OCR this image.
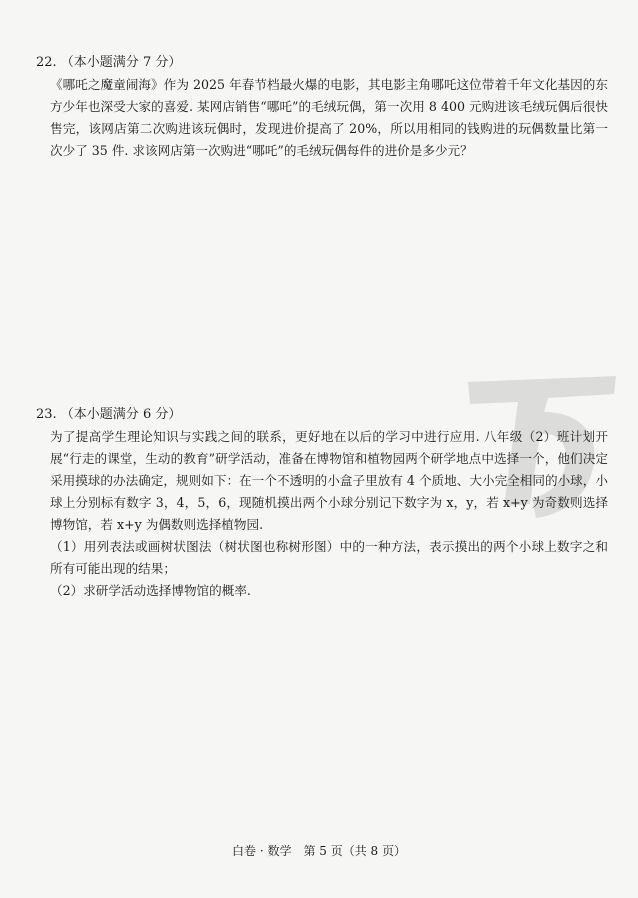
22. （本小题满分 7 分）

《哪吒之魔童闹海》作为 2025 年春节档最火爆的电影，其电影主角哪吒这位带着千年文化基因的东方少年也深受大家的喜爱. 某网店销售“哪吒”的毛绒玩偶，第一次用 8 400 元购进该毛绒玩偶后很快售完，该网店第二次购进该玩偶时，发现进价提高了 20%，所以用相同的钱购进的玩偶数量比第一次少了 35 件. 求该网店第一次购进“哪吒”的毛绒玩偶每件的进价是多少元？

23. （本小题满分 6 分）

为了提高学生理论知识与实践之间的联系，更好地在以后的学习中进行应用. 八年级（2）班计划开展“行走的课堂，生动的教育”研学活动，准备在博物馆和植物园两个研学地点中选择一个，他们决定采用摸球的办法确定，规则如下：在一个不透明的小盒子里放有 4 个质地、大小完全相同的小球，小球上分别标有数字 3，4，5，6，现随机摸出两个小球分别记下数字为 x，y，若 x+y 为奇数则选择博物馆，若 x+y 为偶数则选择植物园.

（1）用列表法或画树状图法（树状图也称树形图）中的一种方法，表示摸出的两个小球上数字之和所有可能出现的结果；

（2）求研学活动选择博物馆的概率.

白卷 · 数学　第 5 页（共 8 页）
